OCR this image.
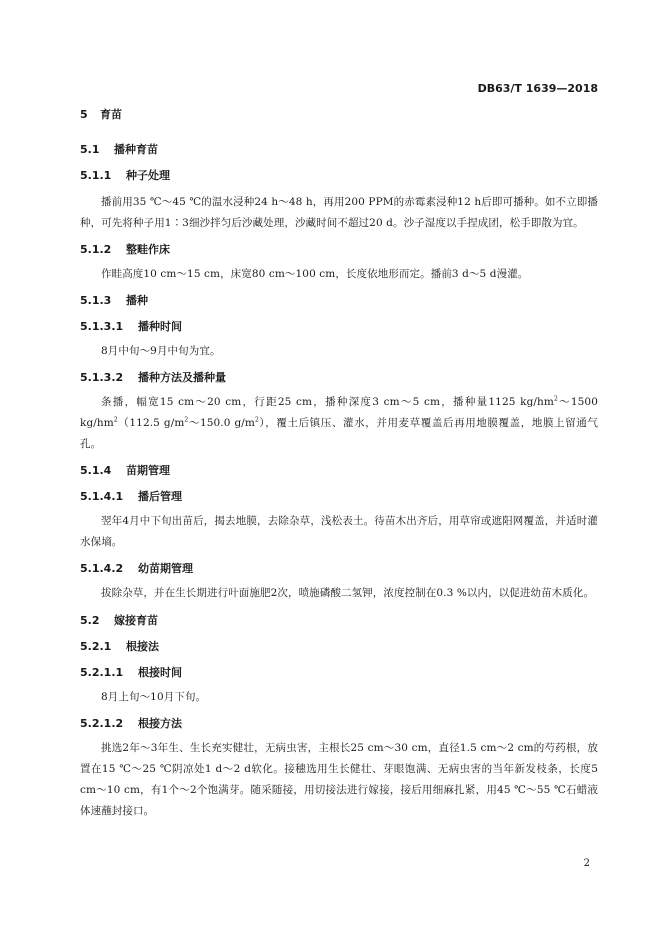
DB63/T 1639—2018
5 育苗
5.1 播种育苗
5.1.1 种子处理

播前用35 ℃～45 ℃的温水浸种24 h～48 h，再用200 PPM的赤霉素浸种12 h后即可播种。如不立即播种，可先将种子用1∶3细沙拌匀后沙藏处理，沙藏时间不超过20 d。沙子湿度以手捏成团，松手即散为宜。

5.1.2 整畦作床

作畦高度10 cm～15 cm，床宽80 cm～100 cm，长度依地形而定。播前3 d～5 d漫灌。

5.1.3 播种
5.1.3.1 播种时间

8月中旬～9月中旬为宜。

5.1.3.2 播种方法及播种量

条播，幅宽15 cm～20 cm，行距25 cm，播种深度3 cm～5 cm，播种量1125 $kg/hm^2\sim 1500$ $kg/hm^2(112.5$ $g/m^2\sim 150.0$ $g/m^2$），覆土后镇压、灌水，并用麦草覆盖后再用地膜覆盖，地膜上留通气孔。

5.1.4 苗期管理
5.1.4.1 播后管理

翌年4月中下旬出苗后，揭去地膜，去除杂草，浅松表土。待苗木出齐后，用草帘或遮阳网覆盖，并适时灌水保墒。

5.1.4.2 幼苗期管理

拔除杂草，并在生长期进行叶面施肥2次，喷施磷酸二氢钾，浓度控制在0.3 %以内，以促进幼苗木质化。

5.2 嫁接育苗
5.2.1 根接法
5.2.1.1 根接时间

8月上旬～10月下旬。

5.2.1.2 根接方法

挑选2年～3年生、生长充实健壮，无病虫害，主根长25 cm～30 cm，直径1.5 cm～2 cm的芍药根，放置在15 ℃～25 ℃阴凉处1 d～2 d软化。接穗选用生长健壮、芽眼饱满、无病虫害的当年新发枝条，长度5 cm～10 cm，有1个～2个饱满芽。随采随接，用切接法进行嫁接，接后用细麻扎紧，用45 ℃～55 ℃石蜡液体速蘸封接口。

2
